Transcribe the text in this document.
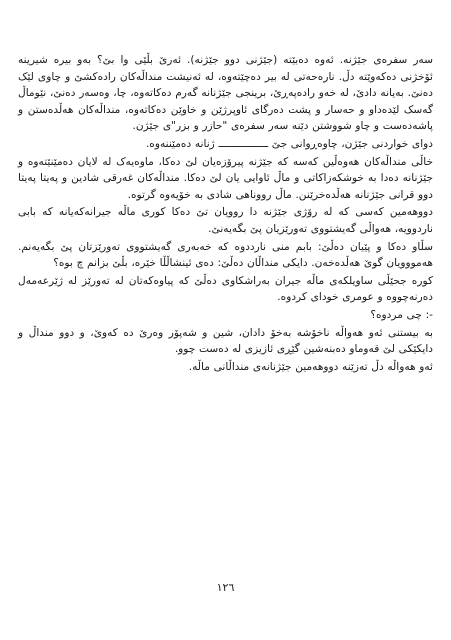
سەر سفرەی جێژنە. ئەوە دەبێتە (جێژنی دوو جێژنە). ئەرێ بڵێی وا بێ؟ بەو بیرە شیرینە ئۆخژنی دەکەوێتە دڵ. نارەحەتی لە بیر دەچێتەوە، لە ئەنیشت منداڵەکان رادەکشێ و چاوی لێک دەنێ. بەیانە دادێ، لە خەو رادەپەڕێ، برینجی جێژنانە گەرم دەکاتەوە، چا، وەسەر دەنێ، نێوماڵ گەسک لێدەداو و حەسار و پشت دەرگای ئاوپرژێن و خاوێن دەکاتەوە، منداڵەکان هەڵدەستن و پاشەدەست و چاو شووشتن دێنە سەر سفرەی "حازر و بزر"ی جێژن.

دوای خواردنی جێژن، چاوەڕوانی جێ ــــــــــــــــ ژنانە دەمێننەوە.

خاڵی منداڵەکان هەوەڵین کەسە کە جێژنە پیرۆزەیان لێ دەکا، ماوەیەک لە لایان دەمێنێتەوە و جێژنانە دەدا بە خوشکەزاکاتی و ماڵ ئاوایی یان لێ دەکا. منداڵەکان غەرقی شادین و پەیتا پەیتا دوو قرانی جێژنانە هەڵدەخرێنن. ماڵ رووناهی شادی بە خۆیەوە گرتوە.

دووهەمین کەسی کە لە رۆژی جێژنە دا روویان تێ دەکا کوری ماڵە جیرانەکەیانە کە بابی ناردوویە، هەواڵی گەیشتووی تەورێزیان پێ بگەیەنێ.

سڵاو دەکا و پێیان دەڵێ: بابم منی نارددوە کە خەبەری گەیشتووی تەورێزتان پێ بگەیەنم. هەمووویان گوێ هەڵدەخەن. دایکی منداڵان دەڵێ: دەی ئینشاڵڵا خێرە، بڵێ بزانم چ بوە؟

کورە جحێڵی ساویلکەی ماڵە جیران بەراشکاوی دەڵێ کە پیاوەکەتان لە تەورێز لە ژێرعەمەل دەرنەچووە و عومری خودای کردوە.

-: چی مردوە؟

بە بیستنی ئەو هەواڵە ناخۆشە بەخۆ دادان، شین و شەپۆر وەرێ دە کەوێ، و دوو منداڵ و دایکێکی لێ قەوماو دەبنەشین گێڕی ئازیزی لە دەست چوو.

ئەو هەواڵە دڵ تەزێنە دووهەمین جێژنانەی منداڵانی ماڵە.

١٢٦
